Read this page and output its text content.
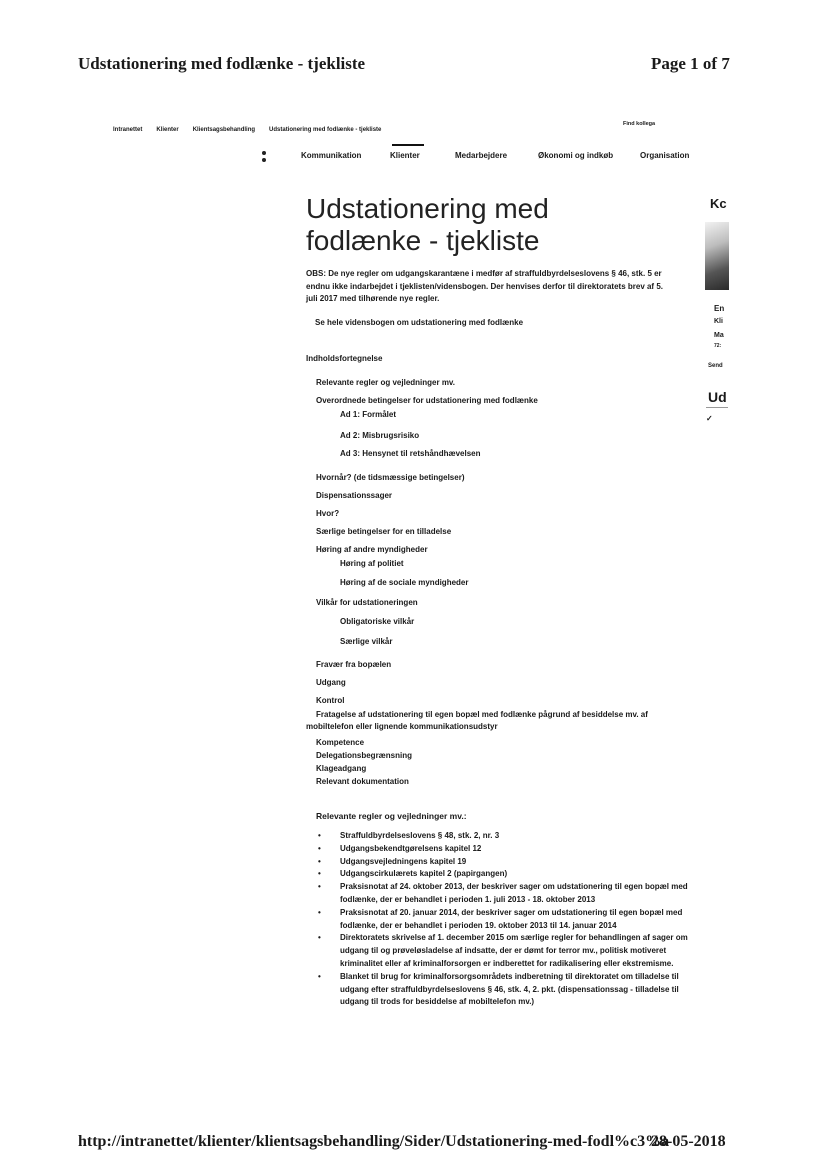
Udstationering med fodlænke - tjekliste	Page 1 of 7
Intranettet Klienter Klientsagsbehandling Udstationering med fodlænke - tjekliste
Find kollega
Kommunikation	Klienter	Medarbejdere	Økonomi og indkøb	Organisation
Udstationering med fodlænke - tjekliste
OBS: De nye regler om udgangskarantæne i medfør af straffuldbyrdelseslovens § 46, stk. 5 er endnu ikke indarbejdet i tjeklisten/vidensbogen. Der henvises derfor til direktoratets brev af 5. juli 2017 med tilhørende nye regler.
Se hele vidensbogen om udstationering med fodlænke
Indholdsfortegnelse
Relevante regler og vejledninger mv.
Overordnede betingelser for udstationering med fodlænke
Ad 1: Formålet
Ad 2: Misbrugsrisiko
Ad 3: Hensynet til retshåndhævelsen
Hvornår? (de tidsmæssige betingelser)
Dispensationssager
Hvor?
Særlige betingelser for en tilladelse
Høring af andre myndigheder
Høring af politiet
Høring af de sociale myndigheder
Vilkår for udstationeringen
Obligatoriske vilkår
Særlige vilkår
Fravær fra bopælen
Udgang
Kontrol
Fratagelse af udstationering til egen bopæl med fodlænke pågrund af besiddelse mv. af mobiltelefon eller lignende kommunikationsudstyr
Kompetence
Delegationsbegrænsning
Klageadgang
Relevant dokumentation
Relevante regler og vejledninger mv.:
• Straffuldbyrdelseslovens § 48, stk. 2, nr. 3
• Udgangsbekendtgørelsens kapitel 12
• Udgangsvejledningens kapitel 19
• Udgangscirkulærets kapitel 2 (papirgangen)
• Praksisnotat af 24. oktober 2013, der beskriver sager om udstationering til egen bopæl med fodlænke, der er behandlet i perioden 1. juli 2013 - 18. oktober 2013
• Praksisnotat af 20. januar 2014, der beskriver sager om udstationering til egen bopæl med fodlænke, der er behandlet i perioden 19. oktober 2013 til 14. januar 2014
• Direktoratets skrivelse af 1. december 2015 om særlige regler for behandlingen af sager om udgang til og prøveløsladelse af indsatte, der er dømt for terror mv., politisk motiveret kriminalitet eller af kriminalforsorgen er indberettet for radikalisering eller ekstremisme.
• Blanket til brug for kriminalforsorgsområdets indberetning til direktoratet om tilladelse til udgang efter straffuldbyrdelseslovens § 46, stk. 4, 2. pkt. (dispensationssag - tilladelse til udgang til trods for besiddelse af mobiltelefon mv.)
Kc
En
Kli
Ma
72:
Send
Ud
✓
http://intranettet/klienter/klientsagsbehandling/Sider/Udstationering-med-fodl%c3%a
28-05-2018
